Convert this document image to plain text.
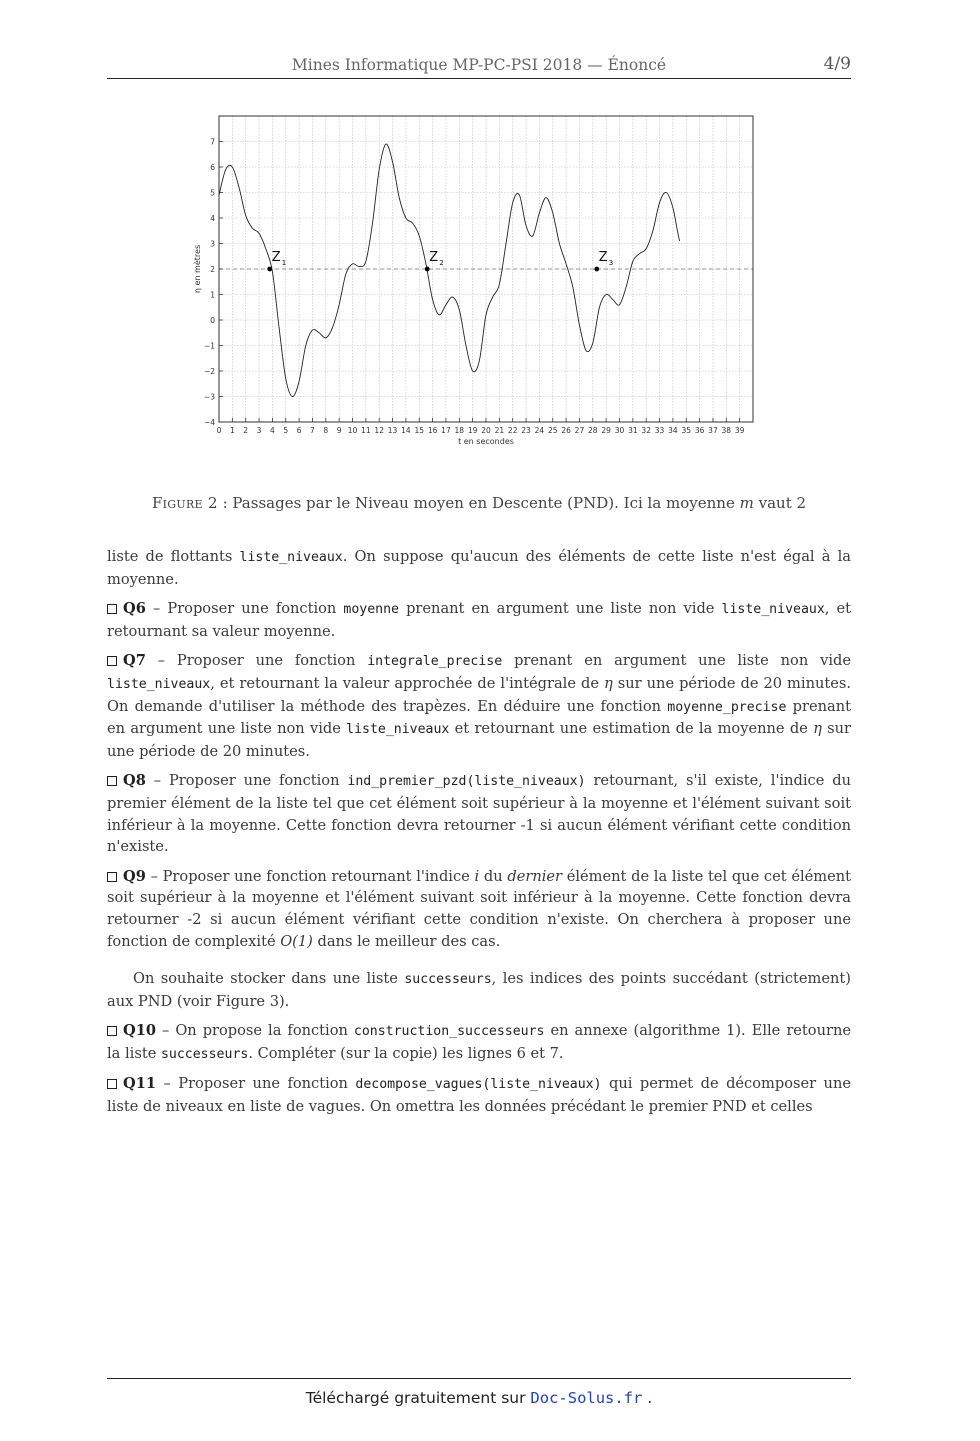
Mines Informatique MP-PC-PSI 2018 — Énoncé	4/9
0 1 2 3 4 5 6 7 8 9 10 11 12 13 14 15 16 17 18 19 20 21 22 23 24 25 26 27 28 29 30 31 32 33 34 35 36 37 38 39
7
6
5
4
3
2
1
0
−1
−2
−3
−4
t en secondes
η en mètres	Z 1	Z 2	Z 3
Figure 2 : Passages par le Niveau moyen en Descente (PND). Ici la moyenne m vaut 2

liste de flottants liste_niveaux. On suppose qu'aucun des éléments de cette liste n'est égal à la moyenne.

Q6 – Proposer une fonction moyenne prenant en argument une liste non vide liste_niveaux, et retournant sa valeur moyenne.

Q7 – Proposer une fonction integrale_precise prenant en argument une liste non vide liste_niveaux, et retournant la valeur approchée de l'intégrale de η sur une période de 20 minutes. On demande d'utiliser la méthode des trapèzes. En déduire une fonction moyenne_precise prenant en argument une liste non vide liste_niveaux et retournant une estimation de la moyenne de η sur une période de 20 minutes.

Q8 – Proposer une fonction ind_premier_pzd(liste_niveaux) retournant, s'il existe, l'indice du premier élément de la liste tel que cet élément soit supérieur à la moyenne et l'élément suivant soit inférieur à la moyenne. Cette fonction devra retourner -1 si aucun élément vérifiant cette condition n'existe.

Q9 – Proposer une fonction retournant l'indice i du dernier élément de la liste tel que cet élément soit supérieur à la moyenne et l'élément suivant soit inférieur à la moyenne. Cette fonction devra retourner -2 si aucun élément vérifiant cette condition n'existe. On cherchera à proposer une fonction de complexité O(1) dans le meilleur des cas.

On souhaite stocker dans une liste successeurs, les indices des points succédant (strictement) aux PND (voir Figure 3).

Q10 – On propose la fonction construction_successeurs en annexe (algorithme 1). Elle retourne la liste successeurs. Compléter (sur la copie) les lignes 6 et 7.

Q11 – Proposer une fonction decompose_vagues(liste_niveaux) qui permet de décomposer une liste de niveaux en liste de vagues. On omettra les données précédant le premier PND et celles

Téléchargé gratuitement sur Doc-Solus.fr .
